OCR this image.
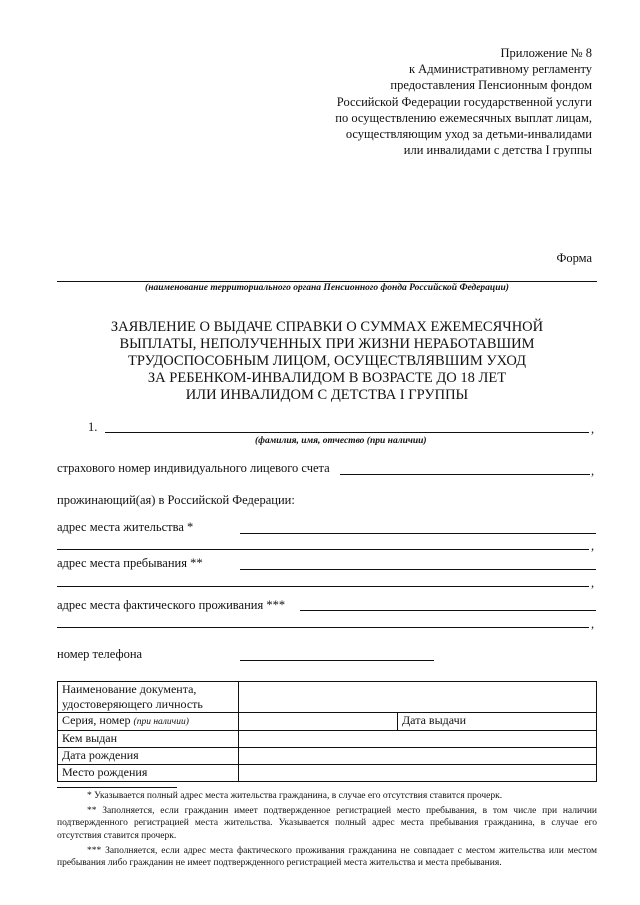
Приложение № 8
к Административному регламенту
предоставления Пенсионным фондом
Российской Федерации государственной услуги
по осуществлению ежемесячных выплат лицам,
осуществляющим уход за детьми-инвалидами
или инвалидами с детства I группы
Форма
(наименование территориального органа Пенсионного фонда Российской Федерации)
ЗАЯВЛЕНИЕ О ВЫДАЧЕ СПРАВКИ О СУММАХ ЕЖЕМЕСЯЧНОЙ
ВЫПЛАТЫ, НЕПОЛУЧЕННЫХ ПРИ ЖИЗНИ НЕРАБОТАВШИМ
ТРУДОСПОСОБНЫМ ЛИЦОМ, ОСУЩЕСТВЛЯВШИМ УХОД
ЗА РЕБЕНКОМ-ИНВАЛИДОМ В ВОЗРАСТЕ ДО 18 ЛЕТ
ИЛИ ИНВАЛИДОМ С ДЕТСТВА I ГРУППЫ
1.	,
(фамилия, имя, отчество (при наличии)
страхового номер индивидуального лицевого счета	,
прожинающий(ая) в Российской Федерации:
адрес места жительства *
,
адрес места пребывания **
,
адрес места фактического проживания ***
,
номер телефона
Наименование документа, удостоверяющего личность		
Серия, номер (при наличии)		Дата выдачи
Кем выдан		
Дата рождения		
Место рождения		

* Указывается полный адрес места жительства гражданина, в случае его отсутствия ставится прочерк.

** Заполняется, если гражданин имеет подтвержденное регистрацией место пребывания, в том числе при наличии подтвержденного регистрацией места жительства. Указывается полный адрес места пребывания гражданина, в случае его отсутствия ставится прочерк.

*** Заполняется, если адрес места фактического проживания гражданина не совпадает с местом жительства или местом пребывания либо гражданин не имеет подтвержденного регистрацией места жительства и места пребывания.
